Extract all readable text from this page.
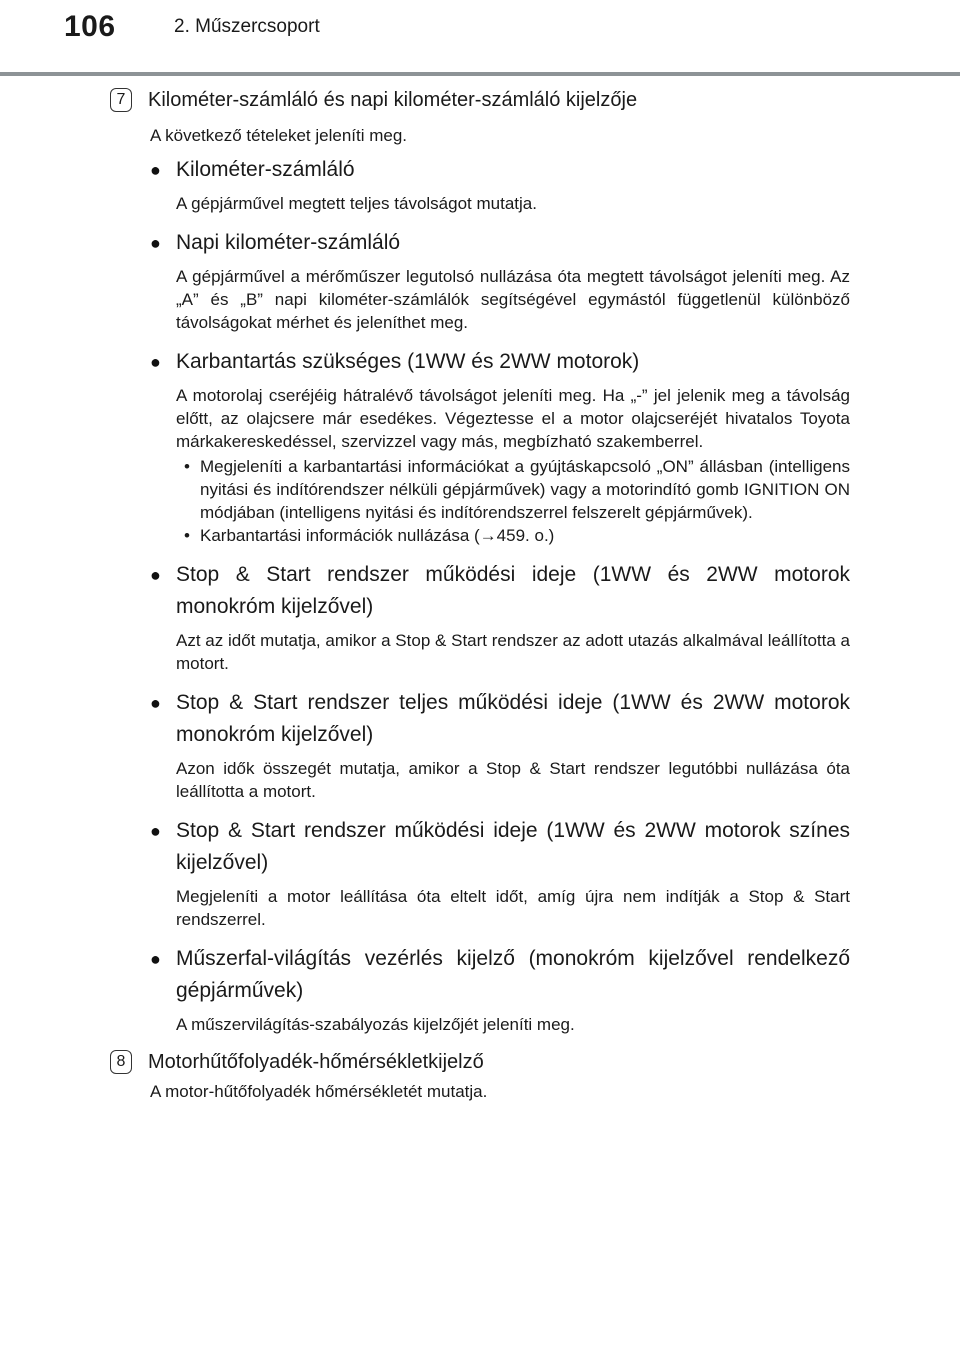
106	2. Műszercsoport
7	Kilométer-számláló és napi kilométer-számláló kijelzője
A következő tételeket jeleníti meg.
● Kilométer-számláló
A gépjárművel megtett teljes távolságot mutatja.
● Napi kilométer-számláló
A gépjárművel a mérőműszer legutolsó nullázása óta megtett távolságot jeleníti meg. Az „A” és „B” napi kilométer-számlálók segítségével egymástól függetlenül különböző távolságokat mérhet és jeleníthet meg.
● Karbantartás szükséges (1WW és 2WW motorok)
A motorolaj cseréjéig hátralévő távolságot jeleníti meg. Ha „-” jel jelenik meg a távolság előtt, az olajcsere már esedékes. Végeztesse el a motor olajcseréjét hivatalos Toyota márkakereskedéssel, szervizzel vagy más, megbízható szakemberrel.
• Megjeleníti a karbantartási információkat a gyújtáskapcsoló „ON” állásban (intelligens nyitási és indítórendszer nélküli gépjárművek) vagy a motorindító gomb IGNITION ON módjában (intelligens nyitási és indítórendszerrel felszerelt gépjárművek).
• Karbantartási információk nullázása (→459. o.)
● Stop & Start rendszer működési ideje (1WW és 2WW motorok monokróm kijelzővel)
Azt az időt mutatja, amikor a Stop & Start rendszer az adott utazás alkalmával leállította a motort.
● Stop & Start rendszer teljes működési ideje (1WW és 2WW motorok monokróm kijelzővel)
Azon idők összegét mutatja, amikor a Stop & Start rendszer legutóbbi nullázása óta leállította a motort.
● Stop & Start rendszer működési ideje (1WW és 2WW motorok színes kijelzővel)
Megjeleníti a motor leállítása óta eltelt időt, amíg újra nem indítják a Stop & Start rendszerrel.
● Műszerfal-világítás vezérlés kijelző (monokróm kijelzővel rendelkező gépjárművek)
A műszervilágítás-szabályozás kijelzőjét jeleníti meg.
8	Motorhűtőfolyadék-hőmérsékletkijelző
A motor-hűtőfolyadék hőmérsékletét mutatja.
